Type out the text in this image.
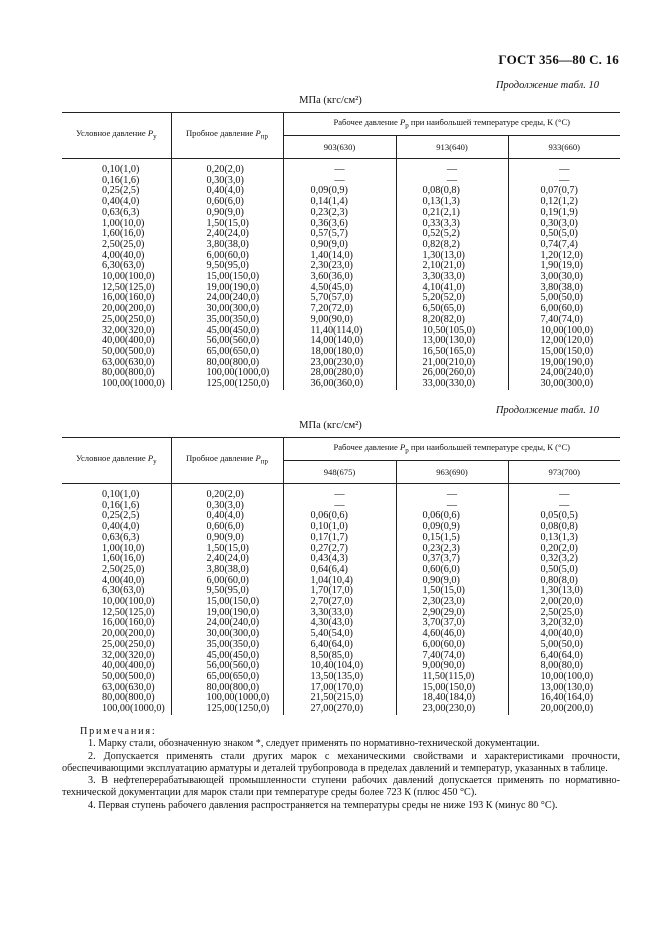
ГОСТ 356—80 С. 16
Продолжение табл. 10
МПа (кгс/см²)
Условное давление $P_у$	Пробное давление $P_{пр}$	Рабочее давление $P_р$ при наибольшей температуре среды, К (°С)		
		903(630)	913(640)	933(660)
0,10(1,0)	0,20(2,0)	—	—	—
0,16(1,6)	0,30(3,0)	—	—	—
0,25(2,5)	0,40(4,0)	0,09(0,9)	0,08(0,8)	0,07(0,7)
0,40(4,0)	0,60(6,0)	0,14(1,4)	0,13(1,3)	0,12(1,2)
0,63(6,3)	0,90(9,0)	0,23(2,3)	0,21(2,1)	0,19(1,9)
1,00(10,0)	1,50(15,0)	0,36(3,6)	0,33(3,3)	0,30(3,0)
1,60(16,0)	2,40(24,0)	0,57(5,7)	0,52(5,2)	0,50(5,0)
2,50(25,0)	3,80(38,0)	0,90(9,0)	0,82(8,2)	0,74(7,4)
4,00(40,0)	6,00(60,0)	1,40(14,0)	1,30(13,0)	1,20(12,0)
6,30(63,0)	9,50(95,0)	2,30(23,0)	2,10(21,0)	1,90(19,0)
10,00(100,0)	15,00(150,0)	3,60(36,0)	3,30(33,0)	3,00(30,0)
12,50(125,0)	19,00(190,0)	4,50(45,0)	4,10(41,0)	3,80(38,0)
16,00(160,0)	24,00(240,0)	5,70(57,0)	5,20(52,0)	5,00(50,0)
20,00(200,0)	30,00(300,0)	7,20(72,0)	6,50(65,0)	6,00(60,0)
25,00(250,0)	35,00(350,0)	9,00(90,0)	8,20(82,0)	7,40(74,0)
32,00(320,0)	45,00(450,0)	11,40(114,0)	10,50(105,0)	10,00(100,0)
40,00(400,0)	56,00(560,0)	14,00(140,0)	13,00(130,0)	12,00(120,0)
50,00(500,0)	65,00(650,0)	18,00(180,0)	16,50(165,0)	15,00(150,0)
63,00(630,0)	80,00(800,0)	23,00(230,0)	21,00(210,0)	19,00(190,0)
80,00(800,0)	100,00(1000,0)	28,00(280,0)	26,00(260,0)	24,00(240,0)
100,00(1000,0)	125,00(1250,0)	36,00(360,0)	33,00(330,0)	30,00(300,0)
Продолжение табл. 10
МПа (кгс/см²)
Условное давление $P_у$	Пробное давление $P_{пр}$	Рабочее давление $P_р$ при наибольшей температуре среды, К (°С)		
		948(675)	963(690)	973(700)
0,10(1,0)	0,20(2,0)	—	—	—
0,16(1,6)	0,30(3,0)	—	—	—
0,25(2,5)	0,40(4,0)	0,06(0,6)	0,06(0,6)	0,05(0,5)
0,40(4,0)	0,60(6,0)	0,10(1,0)	0,09(0,9)	0,08(0,8)
0,63(6,3)	0,90(9,0)	0,17(1,7)	0,15(1,5)	0,13(1,3)
1,00(10,0)	1,50(15,0)	0,27(2,7)	0,23(2,3)	0,20(2,0)
1,60(16,0)	2,40(24,0)	0,43(4,3)	0,37(3,7)	0,32(3,2)
2,50(25,0)	3,80(38,0)	0,64(6,4)	0,60(6,0)	0,50(5,0)
4,00(40,0)	6,00(60,0)	1,04(10,4)	0,90(9,0)	0,80(8,0)
6,30(63,0)	9,50(95,0)	1,70(17,0)	1,50(15,0)	1,30(13,0)
10,00(100,0)	15,00(150,0)	2,70(27,0)	2,30(23,0)	2,00(20,0)
12,50(125,0)	19,00(190,0)	3,30(33,0)	2,90(29,0)	2,50(25,0)
16,00(160,0)	24,00(240,0)	4,30(43,0)	3,70(37,0)	3,20(32,0)
20,00(200,0)	30,00(300,0)	5,40(54,0)	4,60(46,0)	4,00(40,0)
25,00(250,0)	35,00(350,0)	6,40(64,0)	6,00(60,0)	5,00(50,0)
32,00(320,0)	45,00(450,0)	8,50(85,0)	7,40(74,0)	6,40(64,0)
40,00(400,0)	56,00(560,0)	10,40(104,0)	9,00(90,0)	8,00(80,0)
50,00(500,0)	65,00(650,0)	13,50(135,0)	11,50(115,0)	10,00(100,0)
63,00(630,0)	80,00(800,0)	17,00(170,0)	15,00(150,0)	13,00(130,0)
80,00(800,0)	100,00(1000,0)	21,50(215,0)	18,40(184,0)	16,40(164,0)
100,00(1000,0)	125,00(1250,0)	27,00(270,0)	23,00(230,0)	20,00(200,0)
Примечания:

1. Марку стали, обозначенную знаком *, следует применять по нормативно-технической документации.

2. Допускается применять стали других марок с механическими свойствами и характеристиками прочности, обеспечивающими эксплуатацию арматуры и деталей трубопровода в пределах давлений и температур, указанных в таблице.

3. В нефтеперерабатывающей промышленности ступени рабочих давлений допускается применять по нормативно-технической документации для марок стали при температуре среды более 723 К (плюс 450 °С).

4. Первая ступень рабочего давления распространяется на температуры среды не ниже 193 К (минус 80 °С).
